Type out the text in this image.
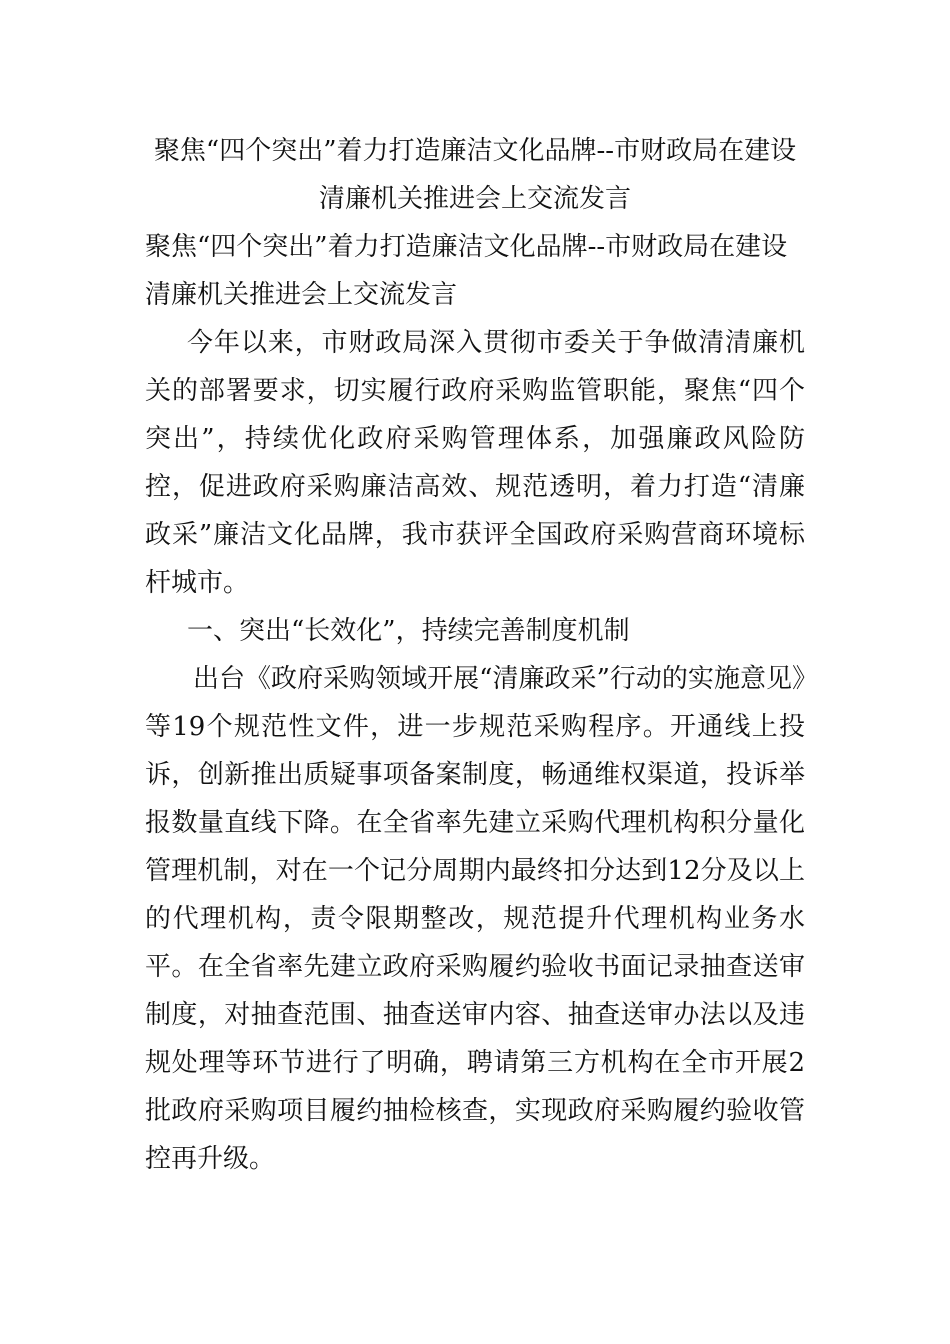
聚焦“四个突出”着力打造廉洁文化品牌--市财政局在建设清廉机关推进会上交流发言

聚焦“四个突出”着力打造廉洁文化品牌--市财政局在建设清廉机关推进会上交流发言

今年以来，市财政局深入贯彻市委关于争做清清廉机关的部署要求，切实履行政府采购监管职能，聚焦“四个突出”，持续优化政府采购管理体系，加强廉政风险防控，促进政府采购廉洁高效、规范透明，着力打造“清廉政采”廉洁文化品牌，我市获评全国政府采购营商环境标杆城市。

一、突出“长效化”，持续完善制度机制

出台《政府采购领域开展“清廉政采”行动的实施意见》等19个规范性文件，进一步规范采购程序。开通线上投诉，创新推出质疑事项备案制度，畅通维权渠道，投诉举报数量直线下降。在全省率先建立采购代理机构积分量化管理机制，对在一个记分周期内最终扣分达到12分及以上的代理机构，责令限期整改，规范提升代理机构业务水平。在全省率先建立政府采购履约验收书面记录抽查送审制度，对抽查范围、抽查送审内容、抽查送审办法以及违规处理等环节进行了明确，聘请第三方机构在全市开展2批政府采购项目履约抽检核查，实现政府采购履约验收管控再升级。
